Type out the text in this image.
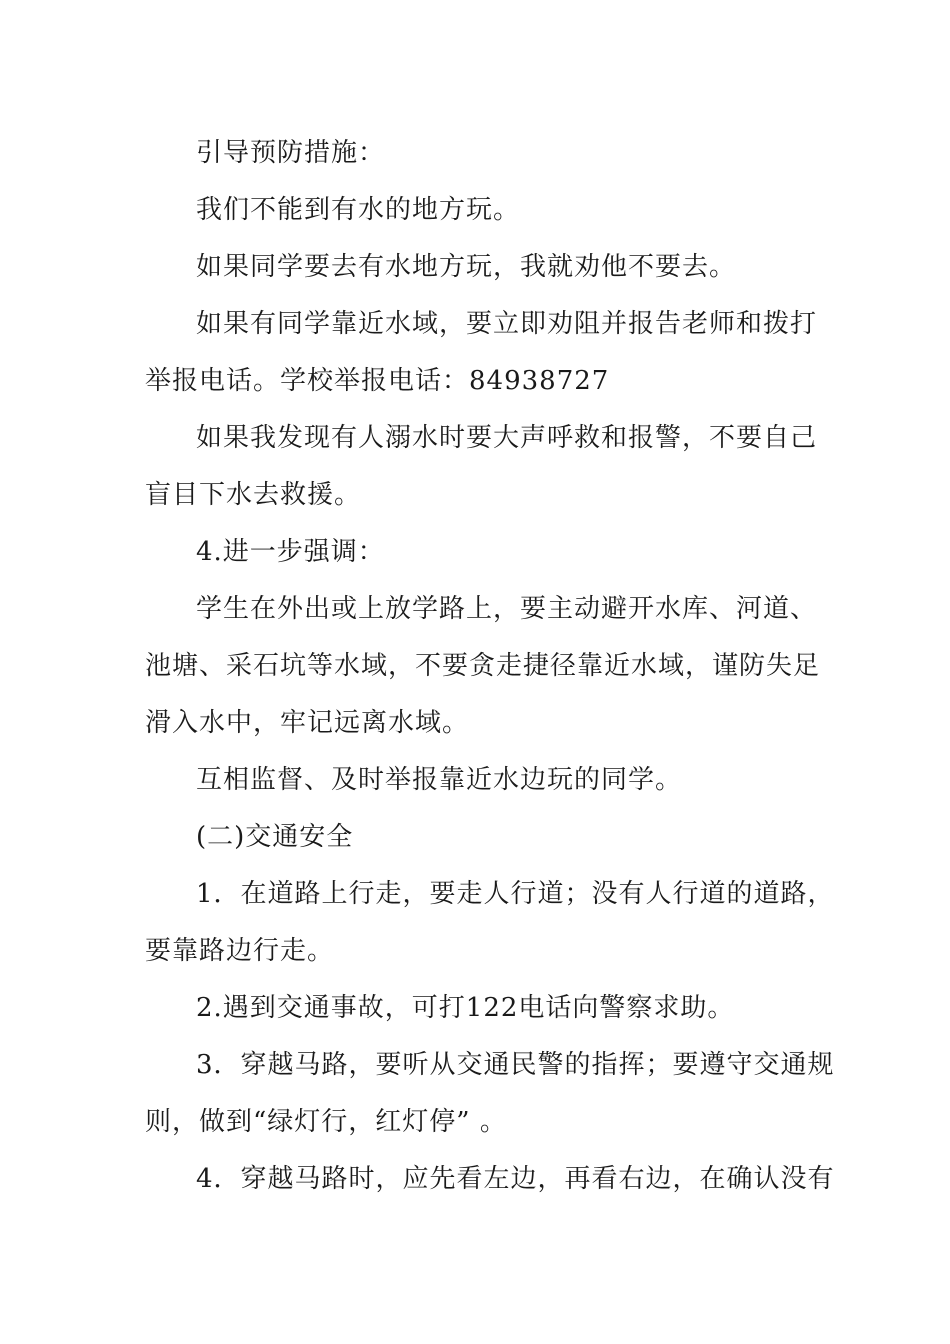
引导预防措施：
我们不能到有水的地方玩。
如果同学要去有水地方玩，我就劝他不要去。
如果有同学靠近水域，要立即劝阻并报告老师和拨打
举报电话。学校举报电话：84938727
如果我发现有人溺水时要大声呼救和报警，不要自己
盲目下水去救援。
4.进一步强调：
学生在外出或上放学路上，要主动避开水库、河道、
池塘、采石坑等水域，不要贪走捷径靠近水域，谨防失足
滑入水中，牢记远离水域。
互相监督、及时举报靠近水边玩的同学。
(二)交通安全
1．在道路上行走，要走人行道；没有人行道的道路，
要靠路边行走。
2.遇到交通事故，可打122电话向警察求助。
3．穿越马路，要听从交通民警的指挥；要遵守交通规
则，做到“绿灯行，红灯停” 。
4．穿越马路时，应先看左边，再看右边，在确认没有
